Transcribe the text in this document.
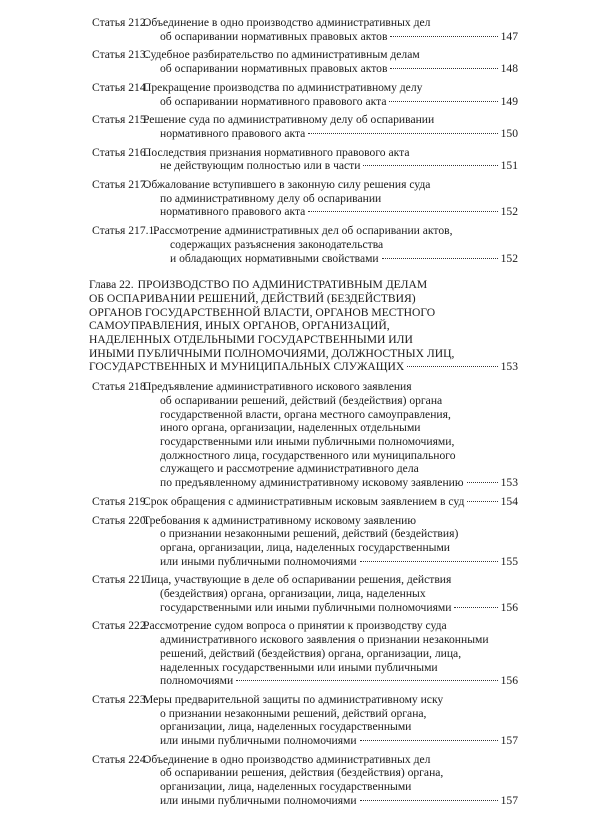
Статья 212.
Объединение в одно производство административных дел
об оспаривании нормативных правовых актов	147
Статья 213.
Судебное разбирательство по административным делам
об оспаривании нормативных правовых актов	148
Статья 214.
Прекращение производства по административному делу
об оспаривании нормативного правового акта	149
Статья 215.
Решение суда по административному делу об оспаривании
нормативного правового акта	150
Статья 216.
Последствия признания нормативного правового акта
не действующим полностью или в части	151
Статья 217.
Обжалование вступившего в законную силу решения суда
по административному делу об оспаривании
нормативного правового акта	152
Статья 217.1.
Рассмотрение административных дел об оспаривании актов,
содержащих разъяснения законодательства
и обладающих нормативными свойствами	152
Глава 22. ПРОИЗВОДСТВО ПО АДМИНИСТРАТИВНЫМ ДЕЛАМ
ОБ ОСПАРИВАНИИ РЕШЕНИЙ, ДЕЙСТВИЙ (БЕЗДЕЙСТВИЯ)
ОРГАНОВ ГОСУДАРСТВЕННОЙ ВЛАСТИ, ОРГАНОВ МЕСТНОГО
САМОУПРАВЛЕНИЯ, ИНЫХ ОРГАНОВ, ОРГАНИЗАЦИЙ,
НАДЕЛЕННЫХ ОТДЕЛЬНЫМИ ГОСУДАРСТВЕННЫМИ ИЛИ
ИНЫМИ ПУБЛИЧНЫМИ ПОЛНОМОЧИЯМИ, ДОЛЖНОСТНЫХ ЛИЦ,
ГОСУДАРСТВЕННЫХ И МУНИЦИПАЛЬНЫХ СЛУЖАЩИХ	153
Статья 218.
Предъявление административного искового заявления
об оспаривании решений, действий (бездействия) органа
государственной власти, органа местного самоуправления,
иного органа, организации, наделенных отдельными
государственными или иными публичными полномочиями,
должностного лица, государственного или муниципального
служащего и рассмотрение административного дела
по предъявленному административному исковому заявлению	153
Статья 219.
Срок обращения с административным исковым заявлением в суд	154
Статья 220.
Требования к административному исковому заявлению
о признании незаконными решений, действий (бездействия)
органа, организации, лица, наделенных государственными
или иными публичными полномочиями	155
Статья 221.
Лица, участвующие в деле об оспаривании решения, действия
(бездействия) органа, организации, лица, наделенных
государственными или иными публичными полномочиями	156
Статья 222.
Рассмотрение судом вопроса о принятии к производству суда
административного искового заявления о признании незаконными
решений, действий (бездействия) органа, организации, лица,
наделенных государственными или иными публичными
полномочиями	156
Статья 223.
Меры предварительной защиты по административному иску
о признании незаконными решений, действий органа,
организации, лица, наделенных государственными
или иными публичными полномочиями	157
Статья 224.
Объединение в одно производство административных дел
об оспаривании решения, действия (бездействия) органа,
организации, лица, наделенных государственными
или иными публичными полномочиями	157
